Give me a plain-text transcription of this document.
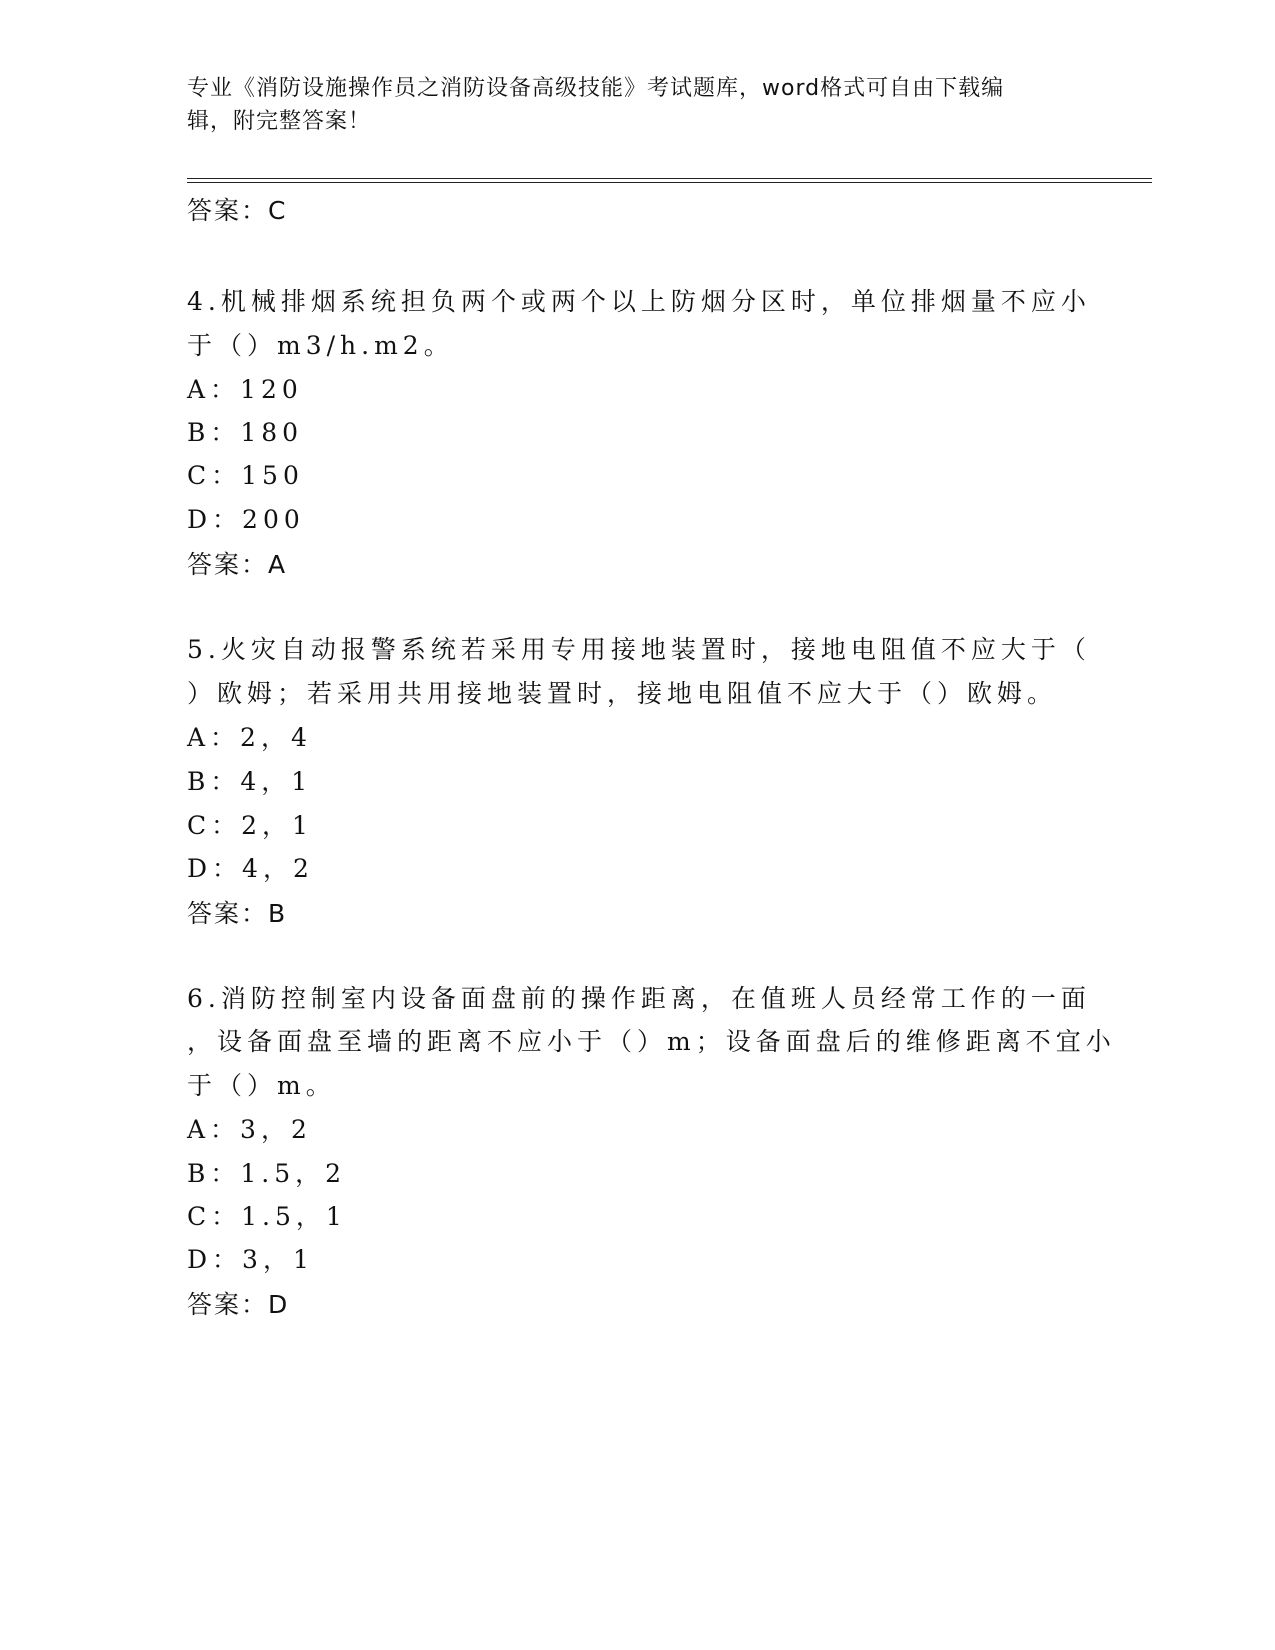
专业《消防设施操作员之消防设备高级技能》考试题库，word格式可自由下载编
辑，附完整答案！
答案：C
4.机械排烟系统担负两个或两个以上防烟分区时，单位排烟量不应小
于（）m3/h.m2。
A：120
B：180
C：150
D：200
答案：A
5.火灾自动报警系统若采用专用接地装置时，接地电阻值不应大于（
）欧姆；若采用共用接地装置时，接地电阻值不应大于（）欧姆。
A：2，4
B：4，1
C：2，1
D：4，2
答案：B
6.消防控制室内设备面盘前的操作距离，在值班人员经常工作的一面
，设备面盘至墙的距离不应小于（）m；设备面盘后的维修距离不宜小
于（）m。
A：3，2
B：1.5，2
C：1.5，1
D：3，1
答案：D
